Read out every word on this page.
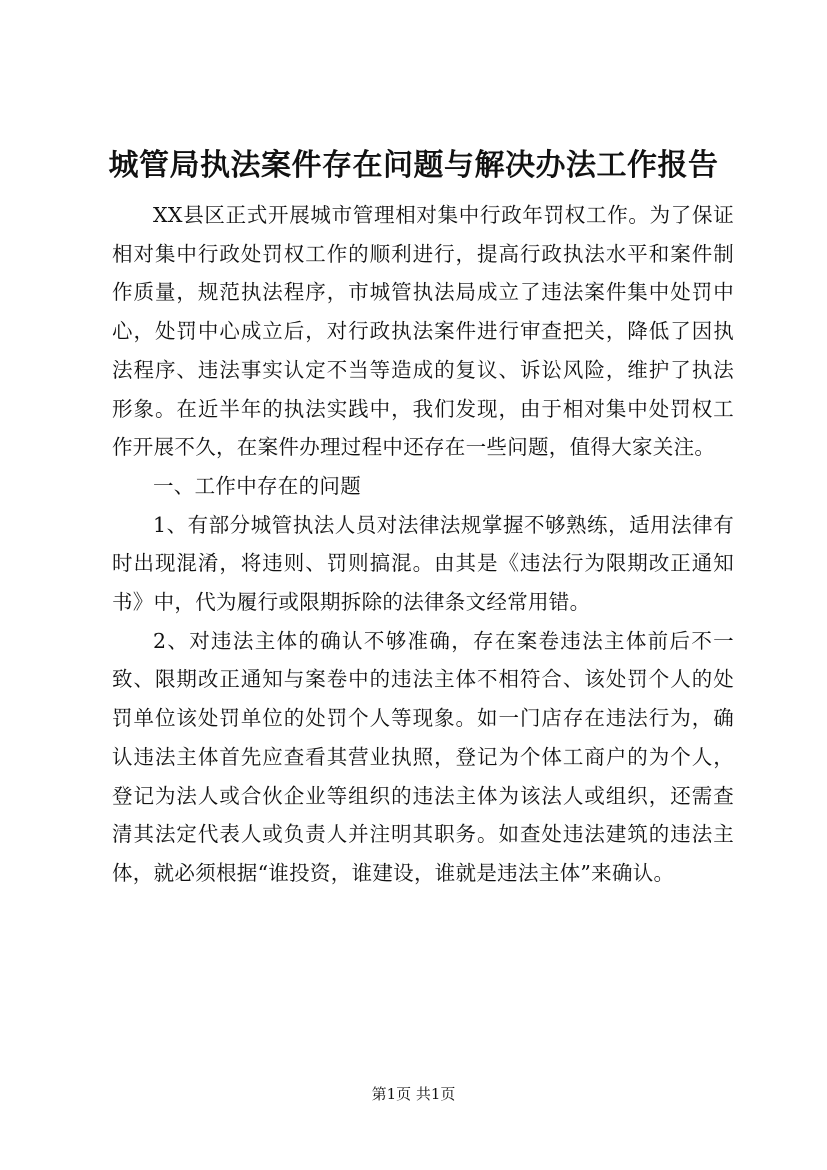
城管局执法案件存在问题与解决办法工作报告

XX县区正式开展城市管理相对集中行政年罚权工作。为了保证相对集中行政处罚权工作的顺利进行，提高行政执法水平和案件制作质量，规范执法程序，市城管执法局成立了违法案件集中处罚中心，处罚中心成立后，对行政执法案件进行审查把关，降低了因执法程序、违法事实认定不当等造成的复议、诉讼风险，维护了执法形象。在近半年的执法实践中，我们发现，由于相对集中处罚权工作开展不久，在案件办理过程中还存在一些问题，值得大家关注。

一、工作中存在的问题

1、有部分城管执法人员对法律法规掌握不够熟练，适用法律有时出现混淆，将违则、罚则搞混。由其是《违法行为限期改正通知书》中，代为履行或限期拆除的法律条文经常用错。

2、对违法主体的确认不够准确，存在案卷违法主体前后不一致、限期改正通知与案卷中的违法主体不相符合、该处罚个人的处罚单位该处罚单位的处罚个人等现象。如一门店存在违法行为，确认违法主体首先应查看其营业执照，登记为个体工商户的为个人，登记为法人或合伙企业等组织的违法主体为该法人或组织，还需查清其法定代表人或负责人并注明其职务。如查处违法建筑的违法主体，就必须根据“谁投资，谁建设，谁就是违法主体”来确认。

第1页 共1页
